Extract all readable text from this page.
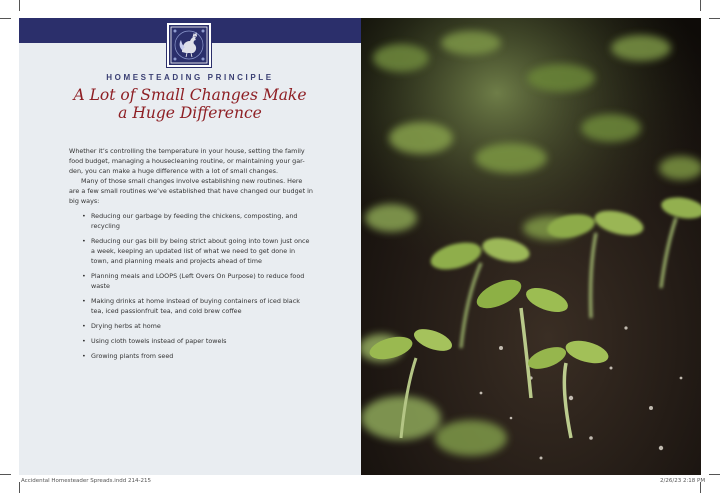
HOMESTEADING PRINCIPLE
A Lot of Small Changes Make
a Huge Difference

Whether it’s controlling the temperature in your house, setting the family
food budget, managing a housecleaning routine, or maintaining your gar-
den, you can make a huge difference with a lot of small changes.

Many of those small changes involve establishing new routines. Here
are a few small routines we’ve established that have changed our budget in
big ways:

• Reducing our garbage by feeding the chickens, composting, and
recycling
• Reducing our gas bill by being strict about going into town just once
a week, keeping an updated list of what we need to get done in
town, and planning meals and projects ahead of time
• Planning meals and LOOPS (Left Overs On Purpose) to reduce food
waste
• Making drinks at home instead of buying containers of iced black
tea, iced passionfruit tea, and cold brew coffee
• Drying herbs at home
• Using cloth towels instead of paper towels
• Growing plants from seed
Accidental Homesteader Spreads.indd 214-215	2/26/23 2:18 PM
